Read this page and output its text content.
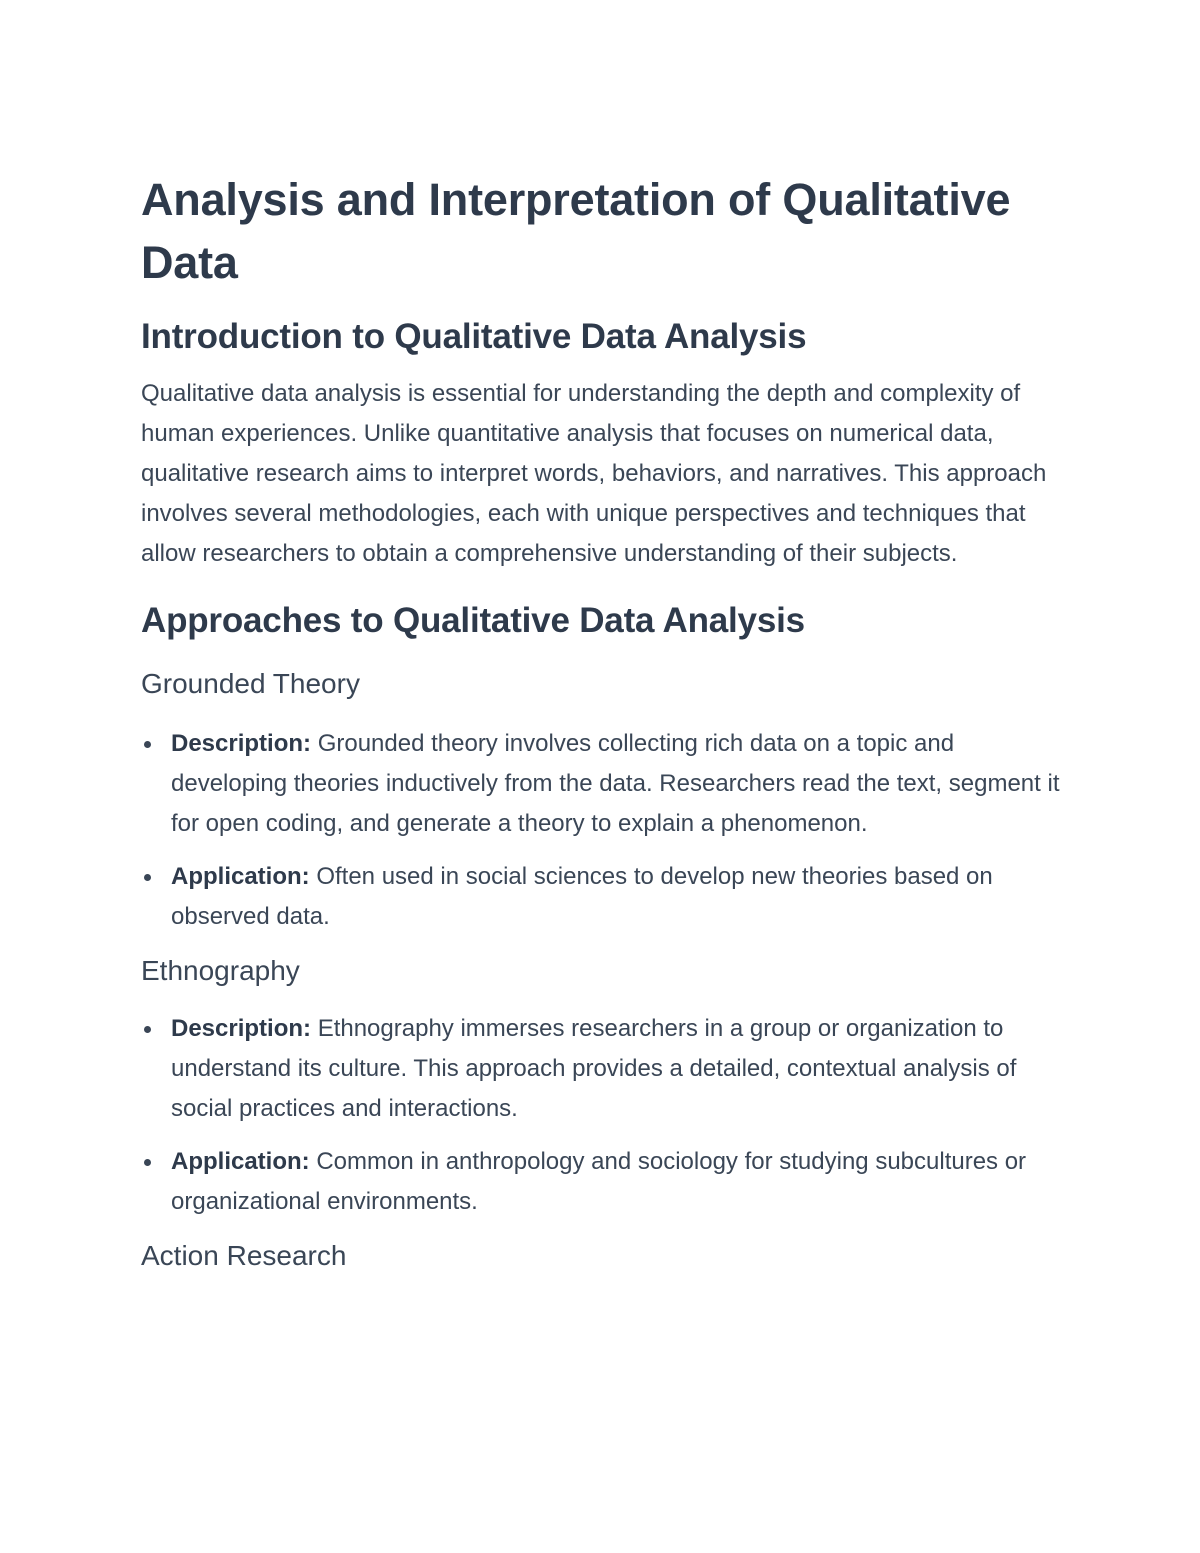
Analysis and Interpretation of Qualitative Data
Introduction to Qualitative Data Analysis

Qualitative data analysis is essential for understanding the depth and complexity of human experiences. Unlike quantitative analysis that focuses on numerical data, qualitative research aims to interpret words, behaviors, and narratives. This approach involves several methodologies, each with unique perspectives and techniques that allow researchers to obtain a comprehensive understanding of their subjects.

Approaches to Qualitative Data Analysis
Grounded Theory
Description: Grounded theory involves collecting rich data on a topic and developing theories inductively from the data. Researchers read the text, segment it for open coding, and generate a theory to explain a phenomenon.
Application: Often used in social sciences to develop new theories based on observed data.
Ethnography
Description: Ethnography immerses researchers in a group or organization to understand its culture. This approach provides a detailed, contextual analysis of social practices and interactions.
Application: Common in anthropology and sociology for studying subcultures or organizational environments.
Action Research
